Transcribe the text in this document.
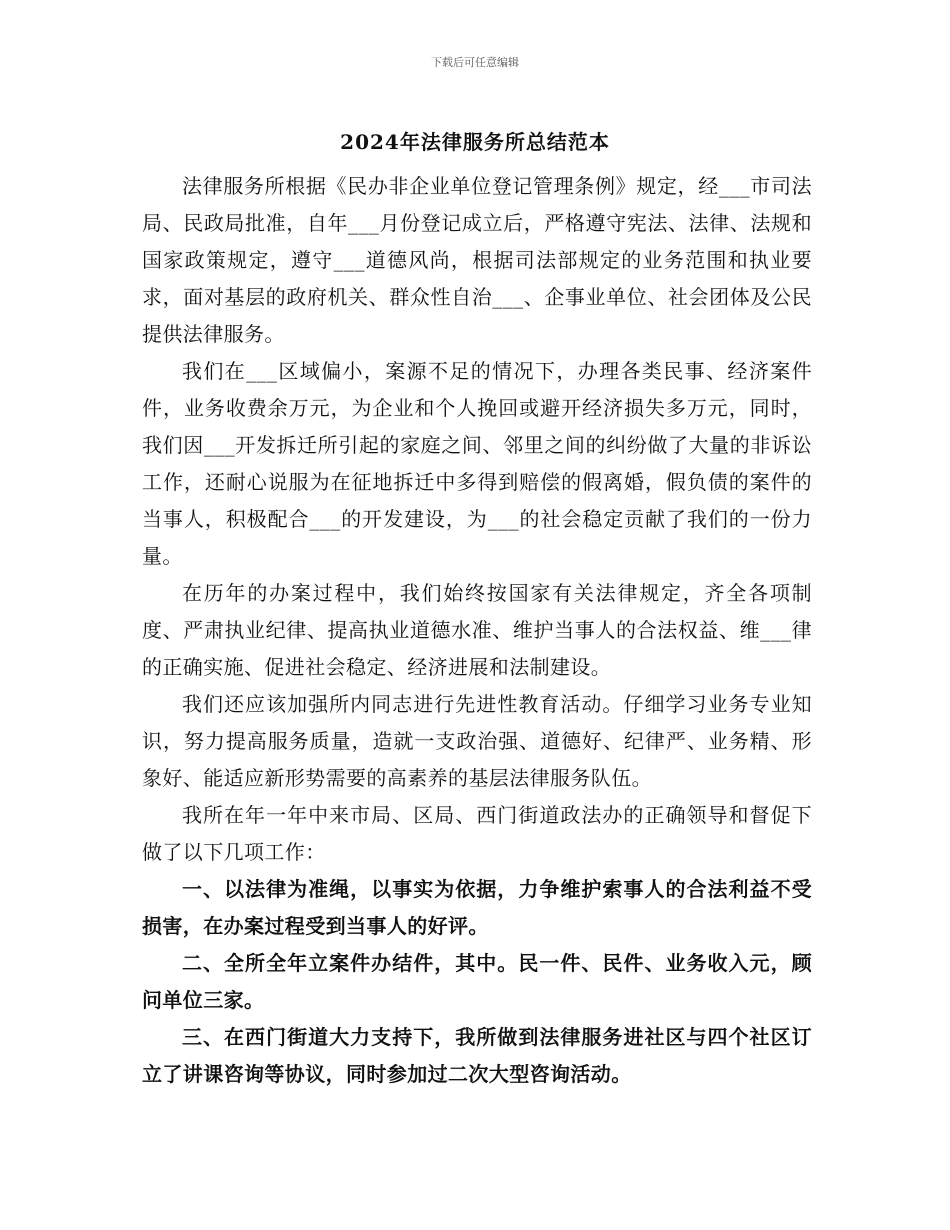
下载后可任意编辑
2024年法律服务所总结范本

法律服务所根据《民办非企业单位登记管理条例》规定，经___市司法局、民政局批准，自年___月份登记成立后，严格遵守宪法、法律、法规和国家政策规定，遵守___道德风尚，根据司法部规定的业务范围和执业要求，面对基层的政府机关、群众性自治___、企事业单位、社会团体及公民提供法律服务。

我们在___区域偏小，案源不足的情况下，办理各类民事、经济案件件，业务收费余万元，为企业和个人挽回或避开经济损失多万元，同时，我们因___开发拆迁所引起的家庭之间、邻里之间的纠纷做了大量的非诉讼工作，还耐心说服为在征地拆迁中多得到赔偿的假离婚，假负债的案件的当事人，积极配合___的开发建设，为___的社会稳定贡献了我们的一份力量。

在历年的办案过程中，我们始终按国家有关法律规定，齐全各项制度、严肃执业纪律、提高执业道德水准、维护当事人的合法权益、维___律的正确实施、促进社会稳定、经济进展和法制建设。

我们还应该加强所内同志进行先进性教育活动。仔细学习业务专业知识，努力提高服务质量，造就一支政治强、道德好、纪律严、业务精、形象好、能适应新形势需要的高素养的基层法律服务队伍。

我所在年一年中来市局、区局、西门街道政法办的正确领导和督促下做了以下几项工作：

一、以法律为准绳，以事实为依据，力争维护索事人的合法利益不受损害，在办案过程受到当事人的好评。

二、全所全年立案件办结件，其中。民一件、民件、业务收入元，顾问单位三家。

三、在西门街道大力支持下，我所做到法律服务进社区与四个社区订立了讲课咨询等协议，同时参加过二次大型咨询活动。
